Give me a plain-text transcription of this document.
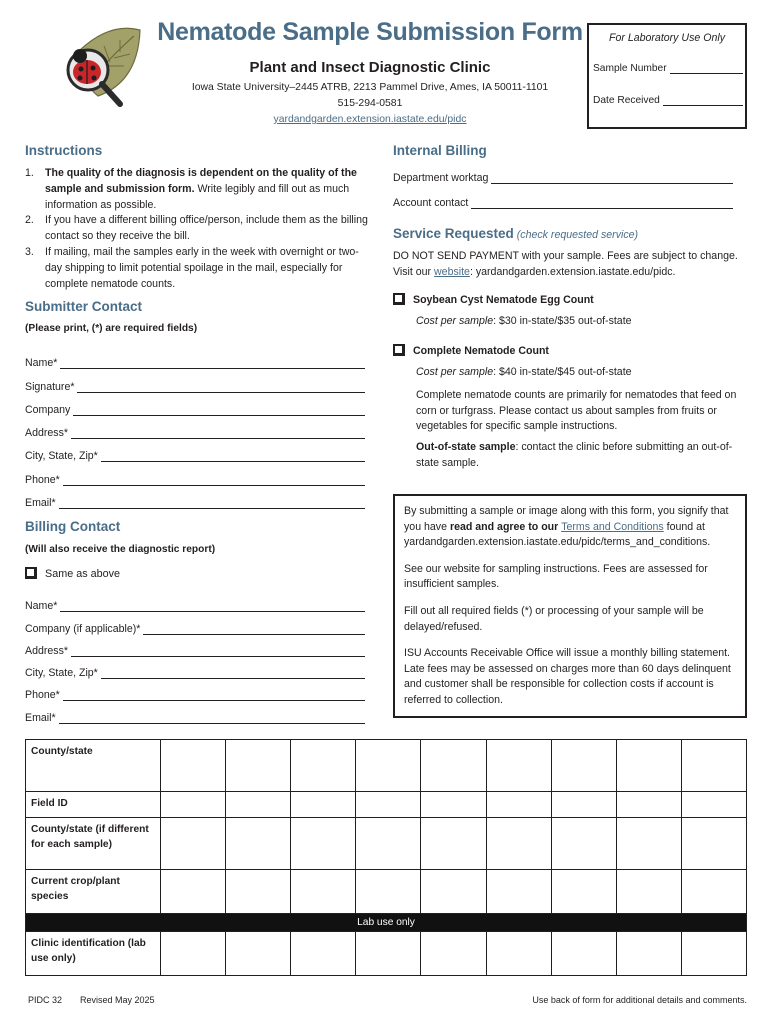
Nematode Sample Submission Form
Plant and Insect Diagnostic Clinic
Iowa State University–2445 ATRB, 2213 Pammel Drive, Ames, IA 50011-1101
515-294-0581
yardandgarden.extension.iastate.edu/pidc
For Laboratory Use Only
Sample Number
Date Received
Instructions
1. The quality of the diagnosis is dependent on the quality of the sample and submission form. Write legibly and fill out as much information as possible.
2. If you have a different billing office/person, include them as the billing contact so they receive the bill.
3. If mailing, mail the samples early in the week with overnight or two-day shipping to limit potential spoilage in the mail, especially for complete nematode counts.
Submitter Contact
(Please print, (*) are required fields)
Name*
Signature*
Company
Address*
City, State, Zip*
Phone*
Email*
Billing Contact
(Will also receive the diagnostic report)
Same as above
Name*
Company (if applicable)*
Address*
City, State, Zip*
Phone*
Email*
Internal Billing
Department worktag
Account contact
Service Requested (check requested service)
DO NOT SEND PAYMENT with your sample. Fees are subject to change. Visit our website: yardandgarden.extension.iastate.edu/pidc.
Soybean Cyst Nematode Egg Count
Cost per sample: $30 in-state/$35 out-of-state
Complete Nematode Count
Cost per sample: $40 in-state/$45 out-of-state
Complete nematode counts are primarily for nematodes that feed on corn or turfgrass. Please contact us about samples from fruits or vegetables for specific sample instructions.
Out-of-state sample: contact the clinic before submitting an out-of-state sample.

By submitting a sample or image along with this form, you signify that you have read and agree to our Terms and Conditions found at yardandgarden.extension.iastate.edu/pidc/terms_and_conditions.

See our website for sampling instructions. Fees are assessed for insufficient samples.

Fill out all required fields (*) or processing of your sample will be delayed/refused.

ISU Accounts Receivable Office will issue a monthly billing statement. Late fees may be assessed on charges more than 60 days delinquent and customer shall be responsible for collection costs if account is referred to collection.

County/state									
Field ID									
County/state (if different for each sample)									
Current crop/plant species									
Lab use only									
Clinic identification (lab use only)									
PIDC 32 Revised May 2025	Use back of form for additional details and comments.
